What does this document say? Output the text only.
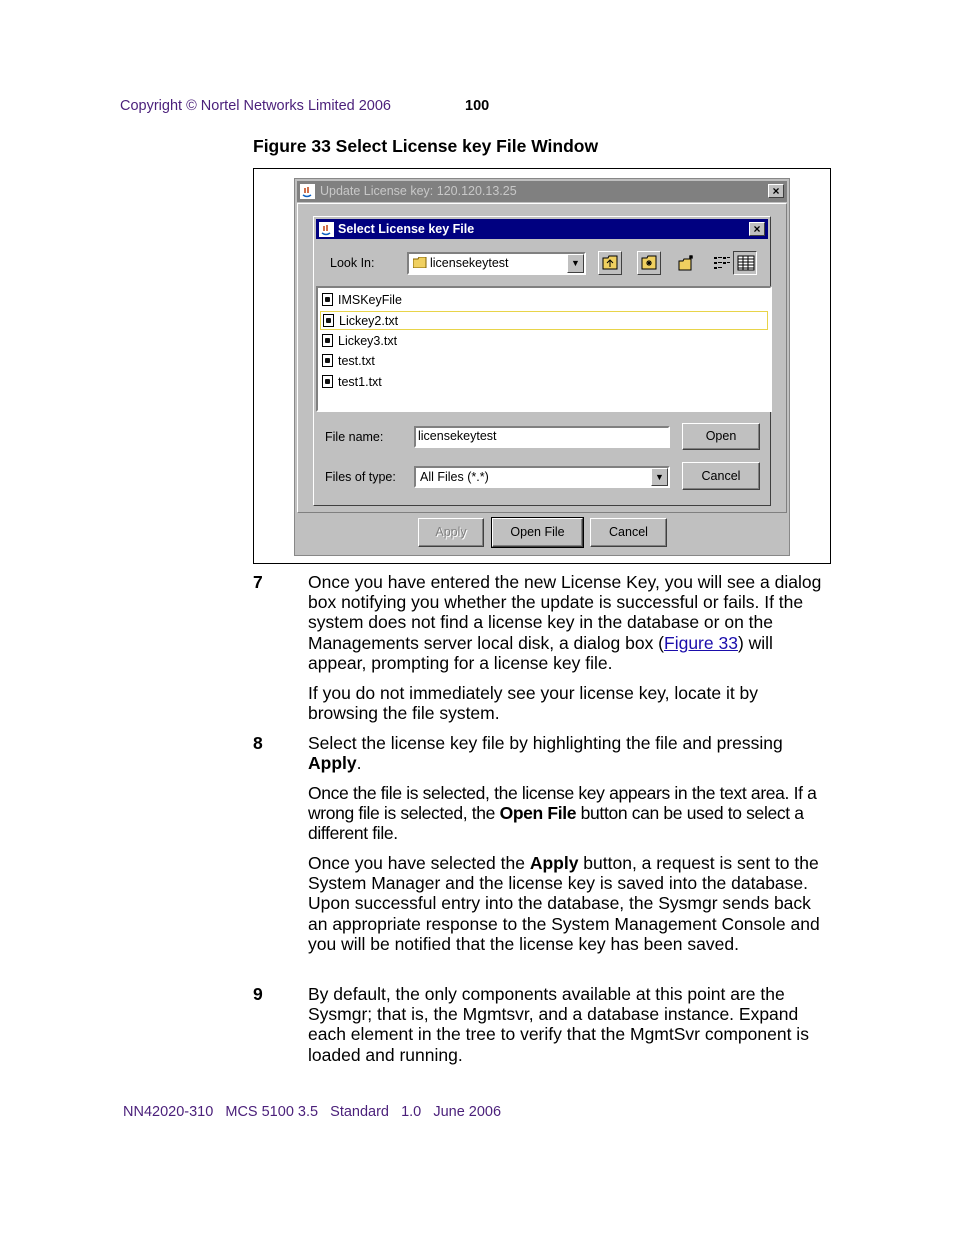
Copyright © Nortel Networks Limited 2006	100
Figure 33 Select License key File Window
Update License key: 120.120.13.25	×
Select License key File	×
Look In:	licensekeytest	▼
IMSKeyFile
Lickey2.txt
Lickey3.txt
test.txt
test1.txt
File name:	licensekeytest	Open
Files of type: All Files (*.*)	▼	Cancel
Apply	Open File	Cancel
7	Once you have entered the new License Key, you will see a dialog box notifying you whether the update is successful or fails. If the system does not find a license key in the database or on the Managements server local disk, a dialog box (Figure 33) will appear, prompting for a license key file.
If you do not immediately see your license key, locate it by browsing the file system.
8	Select the license key file by highlighting the file and pressing Apply.
Once the file is selected, the license key appears in the text area. If a wrong file is selected, the Open File button can be used to select a different file.
Once you have selected the Apply button, a request is sent to the System Manager and the license key is saved into the database. Upon successful entry into the database, the Sysmgr sends back an appropriate response to the System Management Console and you will be notified that the license key has been saved.
9	By default, the only components available at this point are the Sysmgr; that is, the Mgmtsvr, and a database instance. Expand each element in the tree to verify that the MgmtSvr component is loaded and running.
NN42020-310   MCS 5100 3.5   Standard   1.0   June 2006
